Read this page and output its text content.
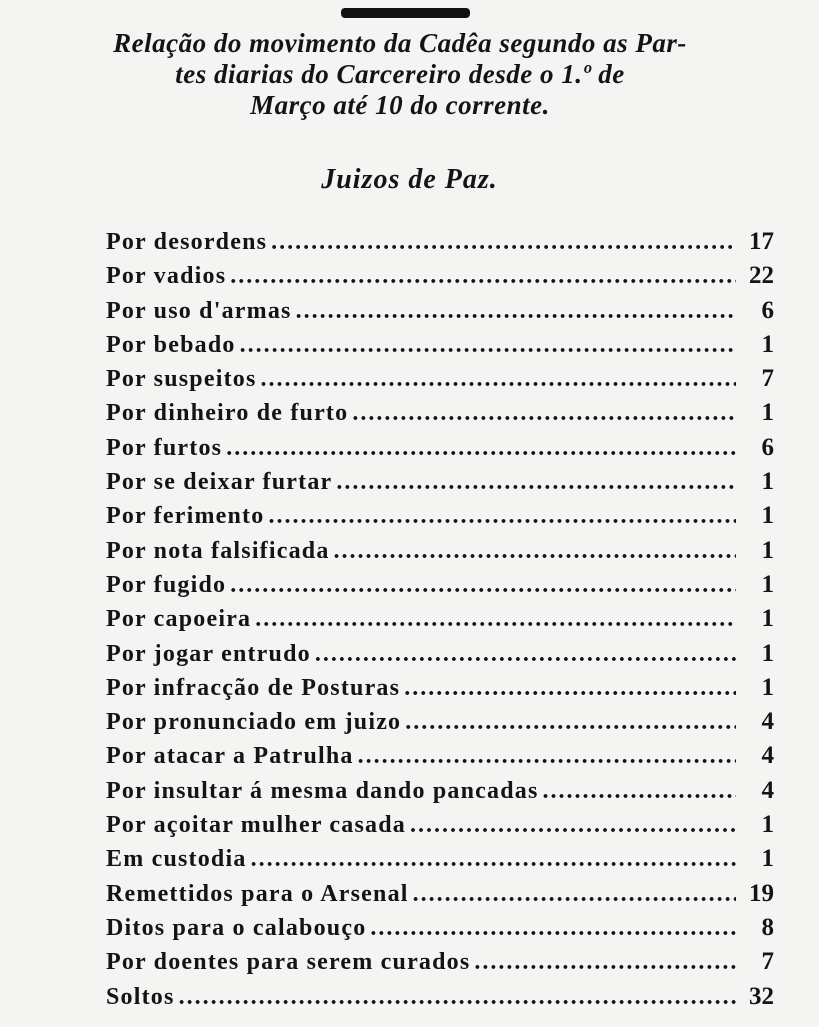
Relação do movimento da Cadêa segundo as Par-
tes diarias do Carcereiro desde o 1.º de
Março até 10 do corrente.
Juizos de Paz.
Por desordens .....	17
Por vadios .....	22
Por uso d'armas .....	6
Por bebado .....	1
Por suspeitos .....	7
Por dinheiro de furto .....	1
Por furtos .....	6
Por se deixar furtar .....	1
Por ferimento .....	1
Por nota falsificada .....	1
Por fugido .....	1
Por capoeira .....	1
Por jogar entrudo .....	1
Por infracção de Posturas .....	1
Por pronunciado em juizo .....	4
Por atacar a Patrulha .....	4
Por insultar á mesma dando pancadas .....	4
Por açoitar mulher casada .....	1
Em custodia .....	1
Remettidos para o Arsenal .....	19
Ditos para o calabouço .....	8
Por doentes para serem curados .....	7
Soltos .....	32
